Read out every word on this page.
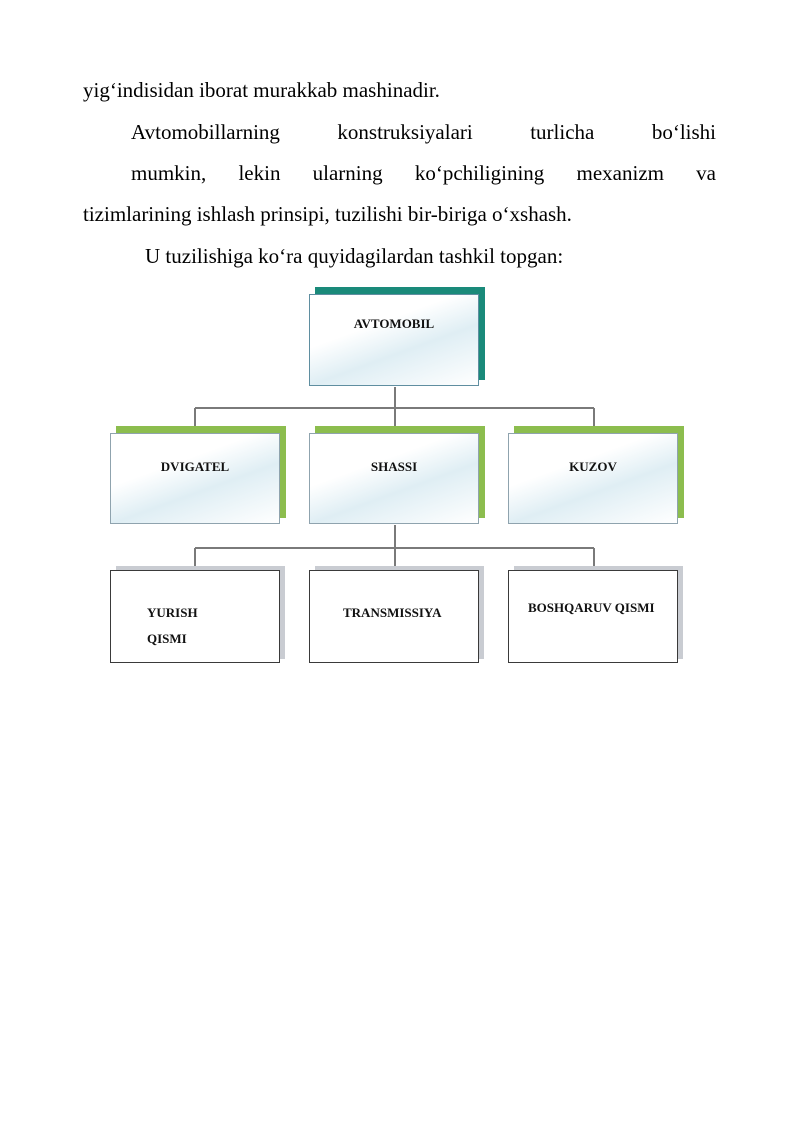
yig‘indisidan iborat murakkab mashinadir.

Avtomobillarning konstruksiyalari turlicha bo‘lishi
mumkin, lekin ularning ko‘pchiligining mexanizm va
tizimlarining ishlash prinsipi, tuzilishi bir-biriga o‘xshash.

U tuzilishiga ko‘ra quyidagilardan tashkil topgan:

AVTOMOBIL
DVIGATEL	SHASSI	KUZOV
YURISH QISMI
TRANSMISSIYA	BOSHQARUV QISMI
